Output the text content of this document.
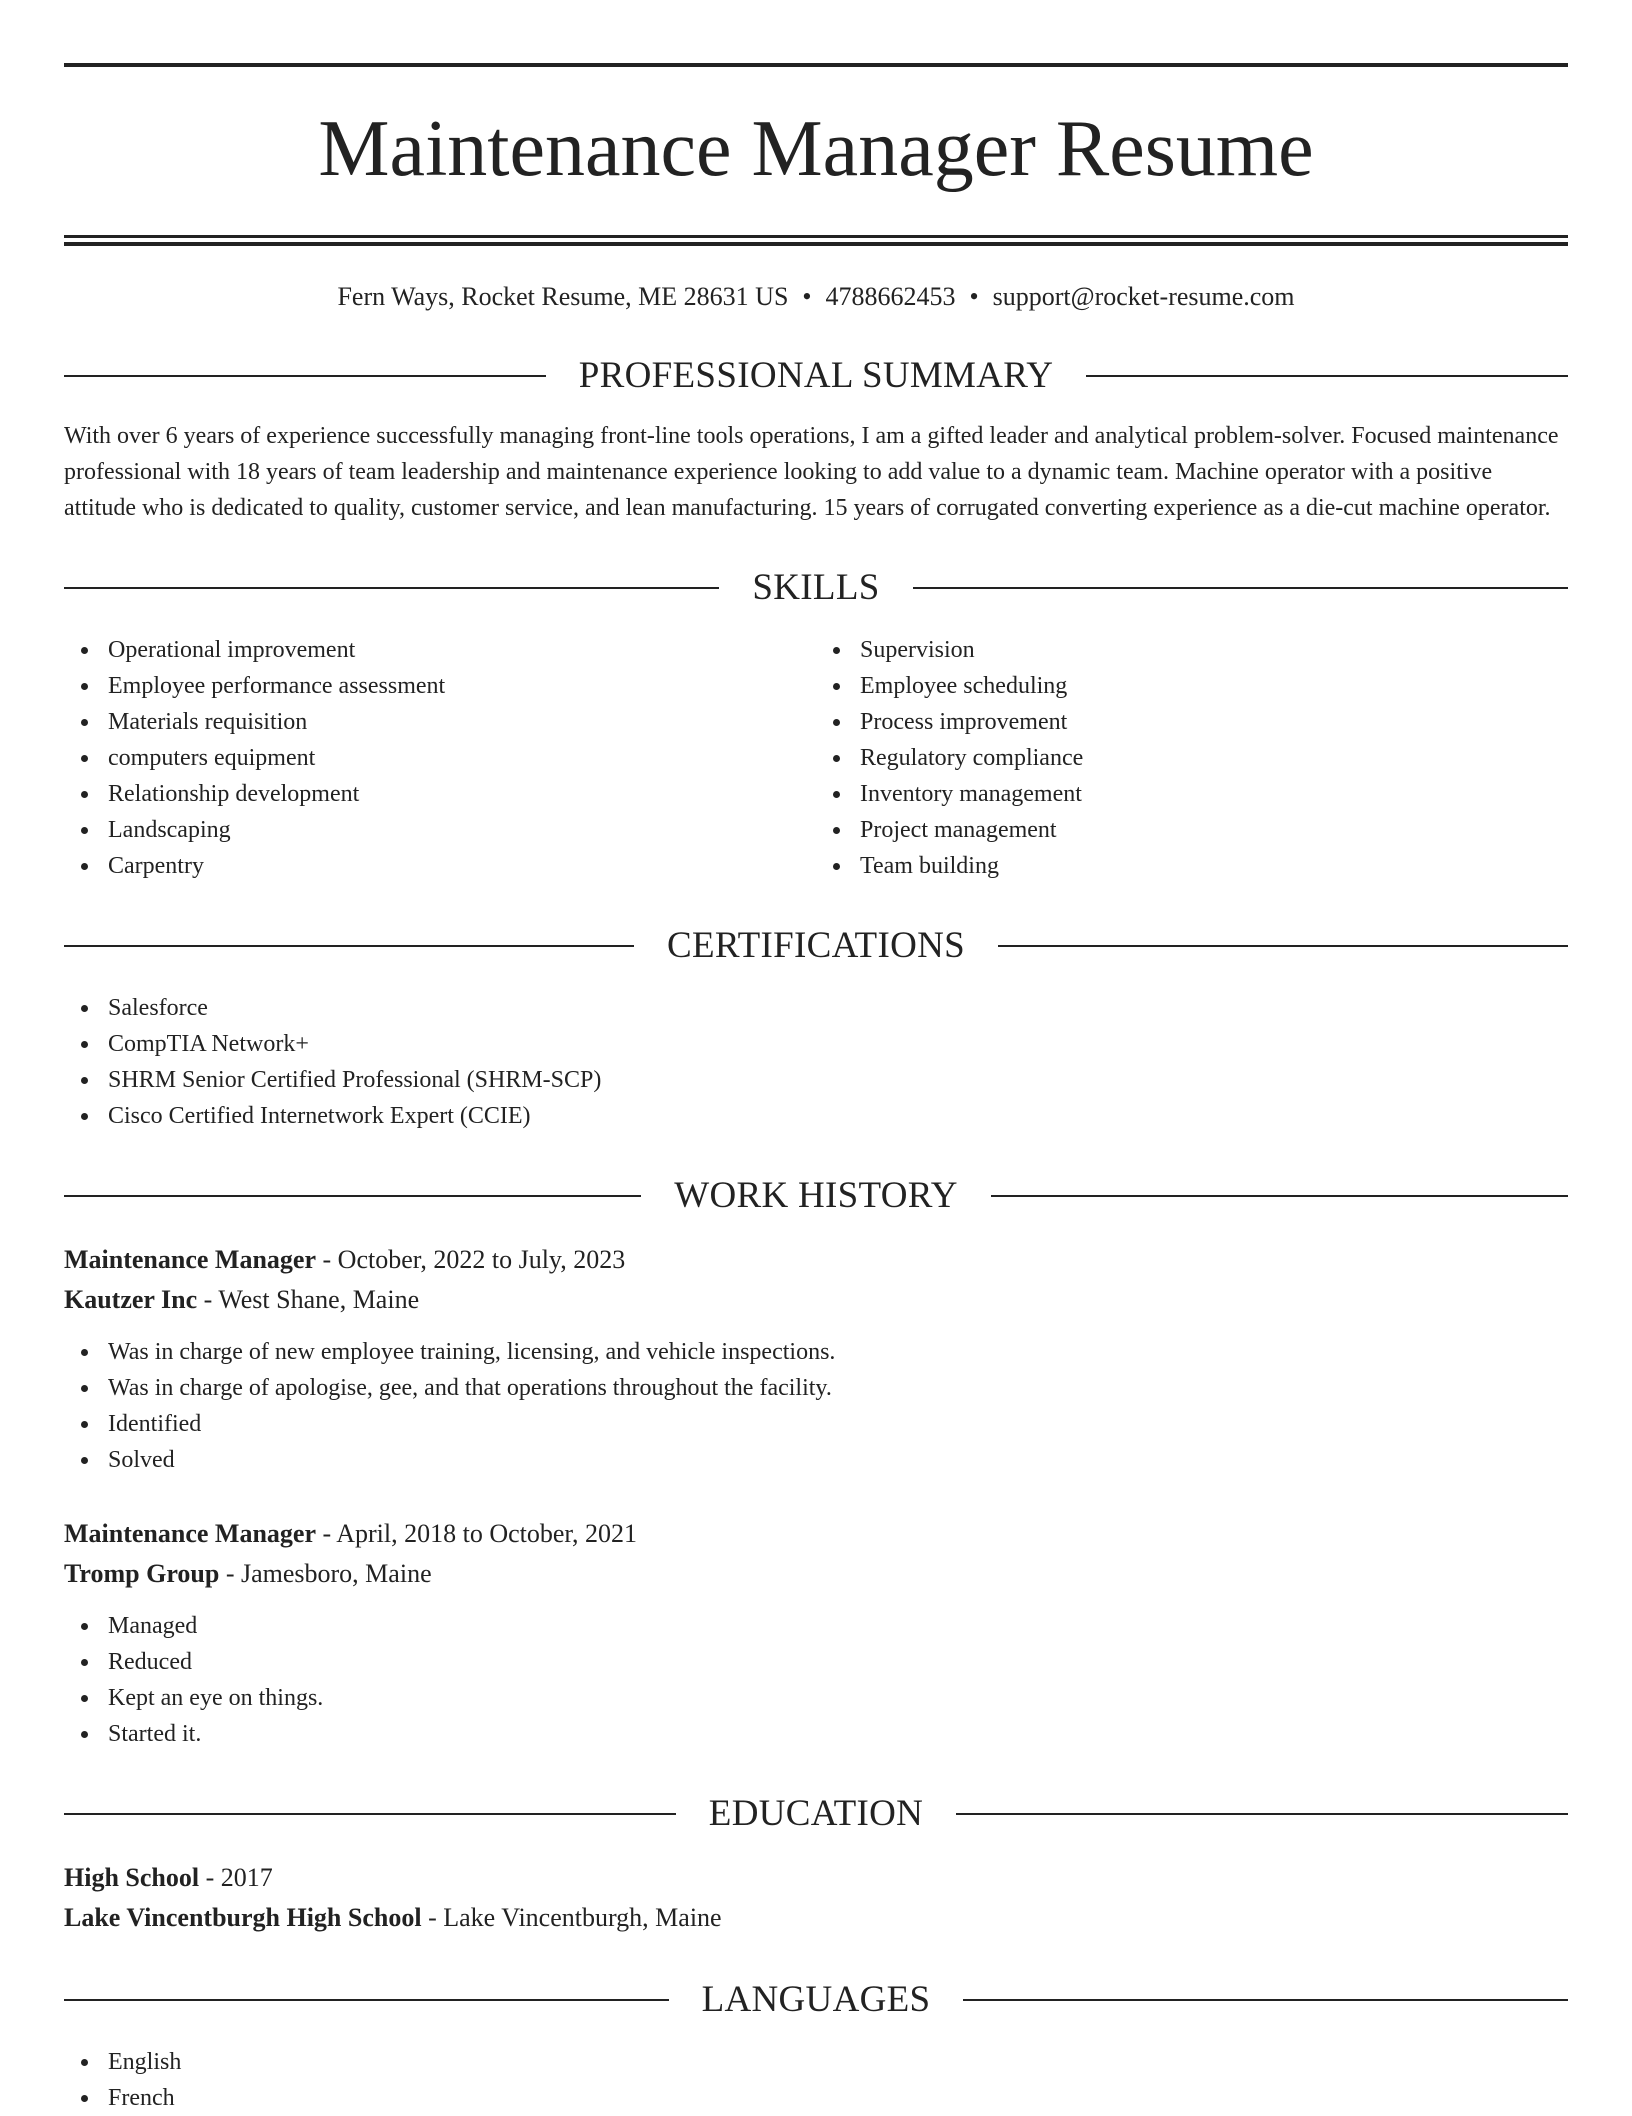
Maintenance Manager Resume
Fern Ways, Rocket Resume, ME 28631 US • 4788662453 • support@rocket-resume.com
PROFESSIONAL SUMMARY
With over 6 years of experience successfully managing front-line tools operations, I am a gifted leader and analytical problem-solver. Focused maintenance professional with 18 years of team leadership and maintenance experience looking to add value to a dynamic team. Machine operator with a positive attitude who is dedicated to quality, customer service, and lean manufacturing. 15 years of corrugated converting experience as a die-cut machine operator.
SKILLS
Operational improvement
Employee performance assessment
Materials requisition
computers equipment
Relationship development
Landscaping
Carpentry
Supervision
Employee scheduling
Process improvement
Regulatory compliance
Inventory management
Project management
Team building
CERTIFICATIONS
Salesforce
CompTIA Network+
SHRM Senior Certified Professional (SHRM-SCP)
Cisco Certified Internetwork Expert (CCIE)
WORK HISTORY
Maintenance Manager - October, 2022 to July, 2023
Kautzer Inc - West Shane, Maine
Was in charge of new employee training, licensing, and vehicle inspections.
Was in charge of apologise, gee, and that operations throughout the facility.
Identified
Solved
Maintenance Manager - April, 2018 to October, 2021
Tromp Group - Jamesboro, Maine
Managed
Reduced
Kept an eye on things.
Started it.
EDUCATION
High School - 2017
Lake Vincentburgh High School - Lake Vincentburgh, Maine
LANGUAGES
English
French
